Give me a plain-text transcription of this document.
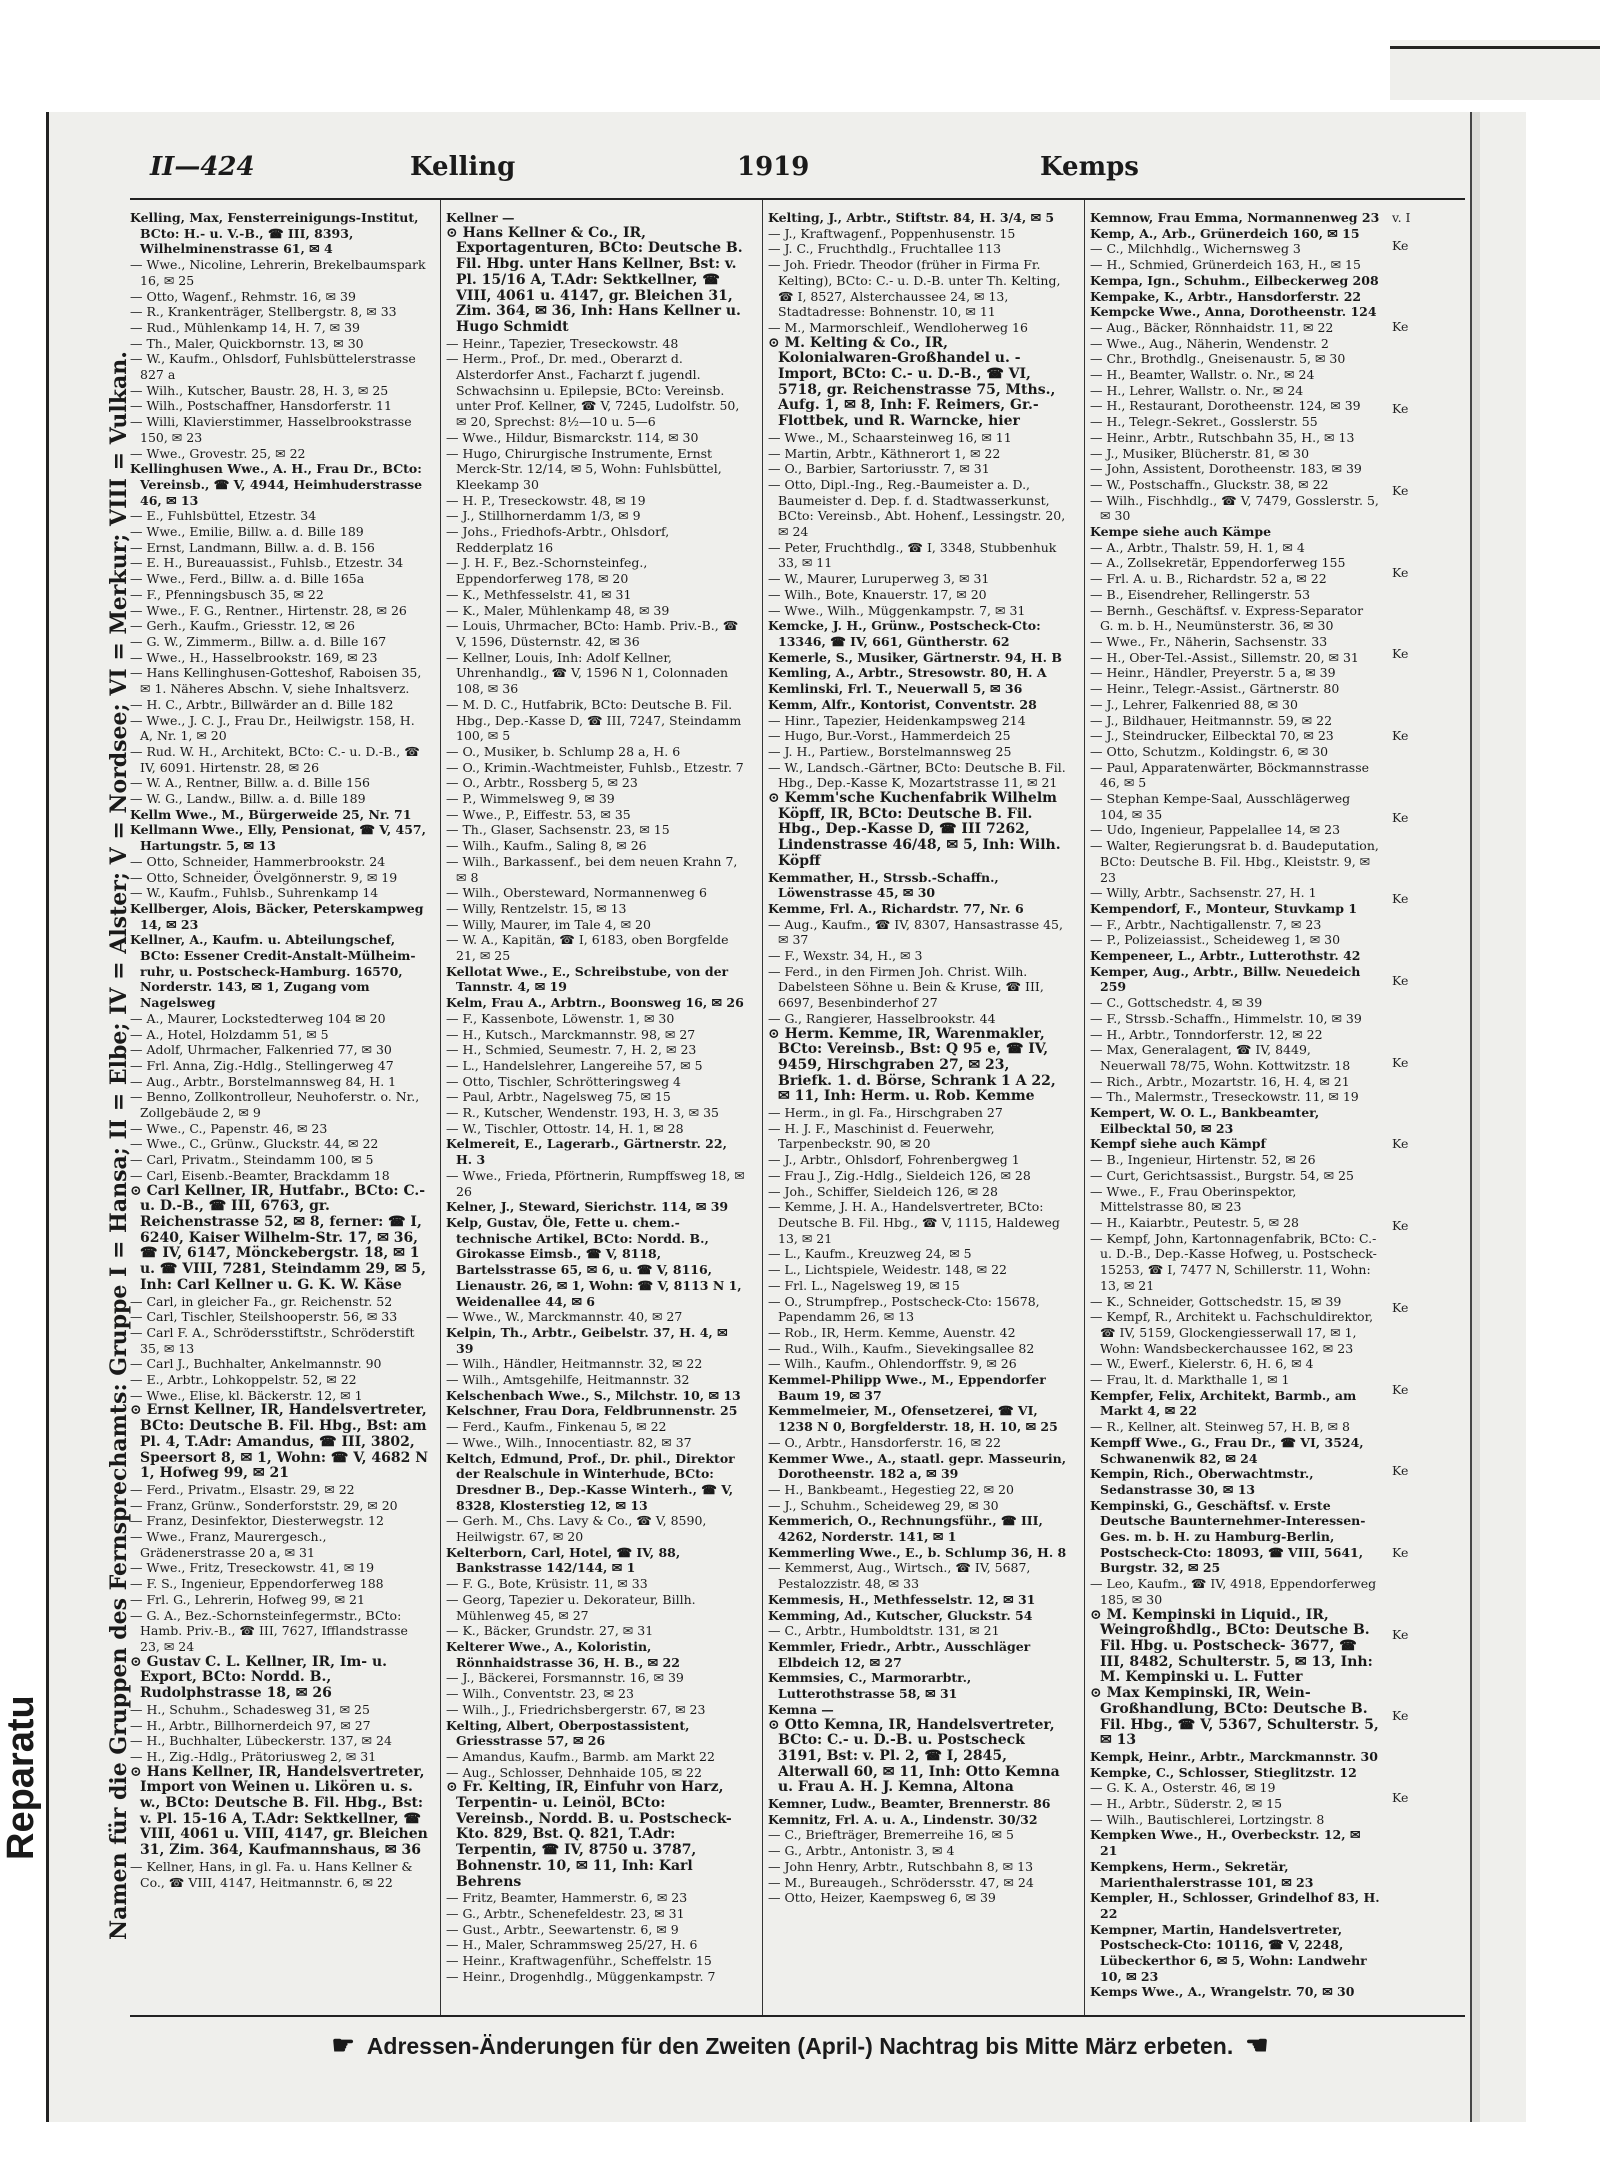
Reparatu	Namen für die Gruppen des Fernsprechamts: Gruppe I = Hansa; II = Elbe; IV = Alster; V = Nordsee; VI = Merkur; VIII = Vulkan.
II—424	Kelling	1919	Kemps

Kelling, Max, Fensterreinigungs-Institut, BCto: H.- u. V.-B., ☎ III, 8393, Wilhelminenstrasse 61, ✉ 4

— Wwe., Nicoline, Lehrerin, Brekelbaumspark 16, ✉ 25

— Otto, Wagenf., Rehmstr. 16, ✉ 39

— R., Krankenträger, Stellbergstr. 8, ✉ 33

— Rud., Mühlenkamp 14, H. 7, ✉ 39

— Th., Maler, Quickbornstr. 13, ✉ 30

— W., Kaufm., Ohlsdorf, Fuhlsbüttelerstrasse 827 a

— Wilh., Kutscher, Baustr. 28, H. 3, ✉ 25

— Wilh., Postschaffner, Hansdorferstr. 11

— Willi, Klavierstimmer, Hasselbrookstrasse 150, ✉ 23

— Wwe., Grovestr. 25, ✉ 22

Kellinghusen Wwe., A. H., Frau Dr., BCto: Vereinsb., ☎ V, 4944, Heimhuderstrasse 46, ✉ 13

— E., Fuhlsbüttel, Etzestr. 34

— Wwe., Emilie, Billw. a. d. Bille 189

— Ernst, Landmann, Billw. a. d. B. 156

— E. H., Bureauassist., Fuhlsb., Etzestr. 34

— Wwe., Ferd., Billw. a. d. Bille 165a

— F., Pfenningsbusch 35, ✉ 22

— Wwe., F. G., Rentner., Hirtenstr. 28, ✉ 26

— Gerh., Kaufm., Griesstr. 12, ✉ 26

— G. W., Zimmerm., Billw. a. d. Bille 167

— Wwe., H., Hasselbrookstr. 169, ✉ 23

— Hans Kellinghusen-Gotteshof, Raboisen 35, ✉ 1. Näheres Abschn. V, siehe Inhaltsverz.

— H. C., Arbtr., Billwärder an d. Bille 182

— Wwe., J. C. J., Frau Dr., Heilwigstr. 158, H. A, Nr. 1, ✉ 20

— Rud. W. H., Architekt, BCto: C.- u. D.-B., ☎ IV, 6091. Hirtenstr. 28, ✉ 26

— W. A., Rentner, Billw. a. d. Bille 156

— W. G., Landw., Billw. a. d. Bille 189

Kellm Wwe., M., Bürgerweide 25, Nr. 71

Kellmann Wwe., Elly, Pensionat, ☎ V, 457, Hartungstr. 5, ✉ 13

— Otto, Schneider, Hammerbrookstr. 24

— Otto, Schneider, Övelgönnerstr. 9, ✉ 19

— W., Kaufm., Fuhlsb., Suhrenkamp 14

Kellberger, Alois, Bäcker, Peterskampweg 14, ✉ 23

Kellner, A., Kaufm. u. Abteilungschef, BCto: Essener Credit-Anstalt-Mülheim-ruhr, u. Postscheck-Hamburg. 16570, Norderstr. 143, ✉ 1, Zugang vom Nagelsweg

— A., Maurer, Lockstedterweg 104 ✉ 20

— A., Hotel, Holzdamm 51, ✉ 5

— Adolf, Uhrmacher, Falkenried 77, ✉ 30

— Frl. Anna, Zig.-Hdlg., Stellingerweg 47

— Aug., Arbtr., Borstelmannsweg 84, H. 1

— Benno, Zollkontrolleur, Neuhoferstr. o. Nr., Zollgebäude 2, ✉ 9

— Wwe., C., Papenstr. 46, ✉ 23

— Wwe., C., Grünw., Gluckstr. 44, ✉ 22

— Carl, Privatm., Steindamm 100, ✉ 5

— Carl, Eisenb.-Beamter, Brackdamm 18

⊙ Carl Kellner, IR, Hutfabr., BCto: C.- u. D.-B., ☎ III, 6763, gr. Reichenstrasse 52, ✉ 8, ferner: ☎ I, 6240, Kaiser Wilhelm-Str. 17, ✉ 36, ☎ IV, 6147, Mönckebergstr. 18, ✉ 1 u. ☎ VIII, 7281, Steindamm 29, ✉ 5, Inh: Carl Kellner u. G. K. W. Käse

— Carl, in gleicher Fa., gr. Reichenstr. 52

— Carl, Tischler, Steilshooperstr. 56, ✉ 33

— Carl F. A., Schrödersstiftstr., Schröderstift 35, ✉ 13

— Carl J., Buchhalter, Ankelmannstr. 90

— E., Arbtr., Lohkoppelstr. 52, ✉ 22

— Wwe., Elise, kl. Bäckerstr. 12, ✉ 1

⊙ Ernst Kellner, IR, Handelsvertreter, BCto: Deutsche B. Fil. Hbg., Bst: am Pl. 4, T.Adr: Amandus, ☎ III, 3802, Speersort 8, ✉ 1, Wohn: ☎ V, 4682 N 1, Hofweg 99, ✉ 21

— Ferd., Privatm., Elsastr. 29, ✉ 22

— Franz, Grünw., Sonderforststr. 29, ✉ 20

— Franz, Desinfektor, Diesterwegstr. 12

— Wwe., Franz, Maurergesch., Grädenerstrasse 20 a, ✉ 31

— Wwe., Fritz, Treseckowstr. 41, ✉ 19

— F. S., Ingenieur, Eppendorferweg 188

— Frl. G., Lehrerin, Hofweg 99, ✉ 21

— G. A., Bez.-Schornsteinfegermstr., BCto: Hamb. Priv.-B., ☎ III, 7627, Ifflandstrasse 23, ✉ 24

⊙ Gustav C. L. Kellner, IR, Im- u. Export, BCto: Nordd. B., Rudolphstrasse 18, ✉ 26

— H., Schuhm., Schadesweg 31, ✉ 25

— H., Arbtr., Billhornerdeich 97, ✉ 27

— H., Buchhalter, Lübeckerstr. 137, ✉ 24

— H., Zig.-Hdlg., Prätoriusweg 2, ✉ 31

⊙ Hans Kellner, IR, Handelsvertreter, Import von Weinen u. Likören u. s. w., BCto: Deutsche B. Fil. Hbg., Bst: v. Pl. 15-16 A, T.Adr: Sektkellner, ☎ VIII, 4061 u. VIII, 4147, gr. Bleichen 31, Zim. 364, Kaufmannshaus, ✉ 36

— Kellner, Hans, in gl. Fa. u. Hans Kellner & Co., ☎ VIII, 4147, Heitmannstr. 6, ✉ 22

Kellner —

⊙ Hans Kellner & Co., IR, Exportagenturen, BCto: Deutsche B. Fil. Hbg. unter Hans Kellner, Bst: v. Pl. 15/16 A, T.Adr: Sektkellner, ☎ VIII, 4061 u. 4147, gr. Bleichen 31, Zim. 364, ✉ 36, Inh: Hans Kellner u. Hugo Schmidt

— Heinr., Tapezier, Treseckowstr. 48

— Herm., Prof., Dr. med., Oberarzt d. Alsterdorfer Anst., Facharzt f. jugendl. Schwachsinn u. Epilepsie, BCto: Vereinsb. unter Prof. Kellner, ☎ V, 7245, Ludolfstr. 50, ✉ 20, Sprechst: 8½—10 u. 5—6

— Wwe., Hildur, Bismarckstr. 114, ✉ 30

— Hugo, Chirurgische Instrumente, Ernst Merck-Str. 12/14, ✉ 5, Wohn: Fuhlsbüttel, Kleekamp 30

— H. P., Treseckowstr. 48, ✉ 19

— J., Stillhornerdamm 1/3, ✉ 9

— Johs., Friedhofs-Arbtr., Ohlsdorf, Redderplatz 16

— J. H. F., Bez.-Schornsteinfeg., Eppendorferweg 178, ✉ 20

— K., Methfesselstr. 41, ✉ 31

— K., Maler, Mühlenkamp 48, ✉ 39

— Louis, Uhrmacher, BCto: Hamb. Priv.-B., ☎ V, 1596, Düsternstr. 42, ✉ 36

— Kellner, Louis, Inh: Adolf Kellner, Uhrenhandlg., ☎ V, 1596 N 1, Colonnaden 108, ✉ 36

— M. D. C., Hutfabrik, BCto: Deutsche B. Fil. Hbg., Dep.-Kasse D, ☎ III, 7247, Steindamm 100, ✉ 5

— O., Musiker, b. Schlump 28 a, H. 6

— O., Krimin.-Wachtmeister, Fuhlsb., Etzestr. 7

— O., Arbtr., Rossberg 5, ✉ 23

— P., Wimmelsweg 9, ✉ 39

— Wwe., P., Eiffestr. 53, ✉ 35

— Th., Glaser, Sachsenstr. 23, ✉ 15

— Wilh., Kaufm., Saling 8, ✉ 26

— Wilh., Barkassenf., bei dem neuen Krahn 7, ✉ 8

— Wilh., Obersteward, Normannenweg 6

— Willy, Rentzelstr. 15, ✉ 13

— Willy, Maurer, im Tale 4, ✉ 20

— W. A., Kapitän, ☎ I, 6183, oben Borgfelde 21, ✉ 25

Kellotat Wwe., E., Schreibstube, von der Tannstr. 4, ✉ 19

Kelm, Frau A., Arbtrn., Boonsweg 16, ✉ 26

— F., Kassenbote, Löwenstr. 1, ✉ 30

— H., Kutsch., Marckmannstr. 98, ✉ 27

— H., Schmied, Seumestr. 7, H. 2, ✉ 23

— L., Handelslehrer, Langereihe 57, ✉ 5

— Otto, Tischler, Schrötteringsweg 4

— Paul, Arbtr., Nagelsweg 75, ✉ 15

— R., Kutscher, Wendenstr. 193, H. 3, ✉ 35

— W., Tischler, Ottostr. 14, H. 1, ✉ 28

Kelmereit, E., Lagerarb., Gärtnerstr. 22, H. 3

— Wwe., Frieda, Pförtnerin, Rumpffsweg 18, ✉ 26

Kelner, J., Steward, Sierichstr. 114, ✉ 39

Kelp, Gustav, Öle, Fette u. chem.-technische Artikel, BCto: Nordd. B., Girokasse Eimsb., ☎ V, 8118, Bartelsstrasse 65, ✉ 6, u. ☎ V, 8116, Lienaustr. 26, ✉ 1, Wohn: ☎ V, 8113 N 1, Weidenallee 44, ✉ 6

— Wwe., W., Marckmannstr. 40, ✉ 27

Kelpin, Th., Arbtr., Geibelstr. 37, H. 4, ✉ 39

— Wilh., Händler, Heitmannstr. 32, ✉ 22

— Wilh., Amtsgehilfe, Heitmannstr. 32

Kelschenbach Wwe., S., Milchstr. 10, ✉ 13

Kelschner, Frau Dora, Feldbrunnenstr. 25

— Ferd., Kaufm., Finkenau 5, ✉ 22

— Wwe., Wilh., Innocentiastr. 82, ✉ 37

Keltch, Edmund, Prof., Dr. phil., Direktor der Realschule in Winterhude, BCto: Dresdner B., Dep.-Kasse Winterh., ☎ V, 8328, Klosterstieg 12, ✉ 13

— Gerh. M., Chs. Lavy & Co., ☎ V, 8590, Heilwigstr. 67, ✉ 20

Kelterborn, Carl, Hotel, ☎ IV, 88, Bankstrasse 142/144, ✉ 1

— F. G., Bote, Krüsistr. 11, ✉ 33

— Georg, Tapezier u. Dekorateur, Billh. Mühlenweg 45, ✉ 27

— K., Bäcker, Grundstr. 27, ✉ 31

Kelterer Wwe., A., Koloristin, Rönnhaidstrasse 36, H. B., ✉ 22

— J., Bäckerei, Forsmannstr. 16, ✉ 39

— Wilh., Conventstr. 23, ✉ 23

— Wilh., J., Friedrichsbergerstr. 67, ✉ 23

Kelting, Albert, Oberpostassistent, Griesstrasse 57, ✉ 26

— Amandus, Kaufm., Barmb. am Markt 22

— Aug., Schlosser, Dehnhaide 105, ✉ 22

⊙ Fr. Kelting, IR, Einfuhr von Harz, Terpentin- u. Leinöl, BCto: Vereinsb., Nordd. B. u. Postscheck-Kto. 829, Bst. Q. 821, T.Adr: Terpentin, ☎ IV, 8750 u. 3787, Bohnenstr. 10, ✉ 11, Inh: Karl Behrens

— Fritz, Beamter, Hammerstr. 6, ✉ 23

— G., Arbtr., Schenefeldestr. 23, ✉ 31

— Gust., Arbtr., Seewartenstr. 6, ✉ 9

— H., Maler, Schrammsweg 25/27, H. 6

— Heinr., Kraftwagenführ., Scheffelstr. 15

— Heinr., Drogenhdlg., Müggenkampstr. 7

Kelting, J., Arbtr., Stiftstr. 84, H. 3/4, ✉ 5

— J., Kraftwagenf., Poppenhusenstr. 15

— J. C., Fruchthdlg., Fruchtallee 113

— Joh. Friedr. Theodor (früher in Firma Fr. Kelting), BCto: C.- u. D.-B. unter Th. Kelting, ☎ I, 8527, Alsterchaussee 24, ✉ 13, Stadtadresse: Bohnenstr. 10, ✉ 11

— M., Marmorschleif., Wendloherweg 16

⊙ M. Kelting & Co., IR, Kolonialwaren-Großhandel u. -Import, BCto: C.- u. D.-B., ☎ VI, 5718, gr. Reichenstrasse 75, Mths., Aufg. 1, ✉ 8, Inh: F. Reimers, Gr.-Flottbek, und R. Warncke, hier

— Wwe., M., Schaarsteinweg 16, ✉ 11

— Martin, Arbtr., Käthnerort 1, ✉ 22

— O., Barbier, Sartoriusstr. 7, ✉ 31

— Otto, Dipl.-Ing., Reg.-Baumeister a. D., Baumeister d. Dep. f. d. Stadtwasserkunst, BCto: Vereinsb., Abt. Hohenf., Lessingstr. 20, ✉ 24

— Peter, Fruchthdlg., ☎ I, 3348, Stubbenhuk 33, ✉ 11

— W., Maurer, Luruperweg 3, ✉ 31

— Wilh., Bote, Knauerstr. 17, ✉ 20

— Wwe., Wilh., Müggenkampstr. 7, ✉ 31

Kemcke, J. H., Grünw., Postscheck-Cto: 13346, ☎ IV, 661, Güntherstr. 62

Kemerle, S., Musiker, Gärtnerstr. 94, H. B

Kemling, A., Arbtr., Stresowstr. 80, H. A

Kemlinski, Frl. T., Neuerwall 5, ✉ 36

Kemm, Alfr., Kontorist, Conventstr. 28

— Hinr., Tapezier, Heidenkampsweg 214

— Hugo, Bur.-Vorst., Hammerdeich 25

— J. H., Partiew., Borstelmannsweg 25

— W., Landsch.-Gärtner, BCto: Deutsche B. Fil. Hbg., Dep.-Kasse K, Mozartstrasse 11, ✉ 21

⊙ Kemm'sche Kuchenfabrik Wilhelm Köpff, IR, BCto: Deutsche B. Fil. Hbg., Dep.-Kasse D, ☎ III 7262, Lindenstrasse 46/48, ✉ 5, Inh: Wilh. Köpff

Kemmather, H., Strssb.-Schaffn., Löwenstrasse 45, ✉ 30

Kemme, Frl. A., Richardstr. 77, Nr. 6

— Aug., Kaufm., ☎ IV, 8307, Hansastrasse 45, ✉ 37

— F., Wexstr. 34, H., ✉ 3

— Ferd., in den Firmen Joh. Christ. Wilh. Dabelsteen Söhne u. Bein & Kruse, ☎ III, 6697, Besenbinderhof 27

— G., Rangierer, Hasselbrookstr. 44

⊙ Herm. Kemme, IR, Warenmakler, BCto: Vereinsb., Bst: Q 95 e, ☎ IV, 9459, Hirschgraben 27, ✉ 23, Briefk. 1. d. Börse, Schrank 1 A 22, ✉ 11, Inh: Herm. u. Rob. Kemme

— Herm., in gl. Fa., Hirschgraben 27

— H. J. F., Maschinist d. Feuerwehr, Tarpenbeckstr. 90, ✉ 20

— J., Arbtr., Ohlsdorf, Fohrenbergweg 1

— Frau J., Zig.-Hdlg., Sieldeich 126, ✉ 28

— Joh., Schiffer, Sieldeich 126, ✉ 28

— Kemme, J. H. A., Handelsvertreter, BCto: Deutsche B. Fil. Hbg., ☎ V, 1115, Haldeweg 13, ✉ 21

— L., Kaufm., Kreuzweg 24, ✉ 5

— L., Lichtspiele, Weidestr. 148, ✉ 22

— Frl. L., Nagelsweg 19, ✉ 15

— O., Strumpfrep., Postscheck-Cto: 15678, Papendamm 26, ✉ 13

— Rob., IR, Herm. Kemme, Auenstr. 42

— Rud., Wilh., Kaufm., Sievekingsallee 82

— Wilh., Kaufm., Ohlendorffstr. 9, ✉ 26

Kemmel-Philipp Wwe., M., Eppendorfer Baum 19, ✉ 37

Kemmelmeier, M., Ofensetzerei, ☎ VI, 1238 N 0, Borgfelderstr. 18, H. 10, ✉ 25

— O., Arbtr., Hansdorferstr. 16, ✉ 22

Kemmer Wwe., A., staatl. gepr. Masseurin, Dorotheenstr. 182 a, ✉ 39

— H., Bankbeamt., Hegestieg 22, ✉ 20

— J., Schuhm., Scheideweg 29, ✉ 30

Kemmerich, O., Rechnungsführ., ☎ III, 4262, Norderstr. 141, ✉ 1

Kemmerling Wwe., E., b. Schlump 36, H. 8

— Kemmerst, Aug., Wirtsch., ☎ IV, 5687, Pestalozzistr. 48, ✉ 33

Kemmesis, H., Methfesselstr. 12, ✉ 31

Kemming, Ad., Kutscher, Gluckstr. 54

— C., Arbtr., Humboldtstr. 131, ✉ 21

Kemmler, Friedr., Arbtr., Ausschläger Elbdeich 12, ✉ 27

Kemmsies, C., Marmorarbtr., Lutterothstrasse 58, ✉ 31

Kemna —

⊙ Otto Kemna, IR, Handelsvertreter, BCto: C.- u. D.-B. u. Postscheck 3191, Bst: v. Pl. 2, ☎ I, 2845, Alterwall 60, ✉ 11, Inh: Otto Kemna u. Frau A. H. J. Kemna, Altona

Kemner, Ludw., Beamter, Brennerstr. 86

Kemnitz, Frl. A. u. A., Lindenstr. 30/32

— C., Briefträger, Bremerreihe 16, ✉ 5

— G., Arbtr., Antonistr. 3, ✉ 4

— John Henry, Arbtr., Rutschbahn 8, ✉ 13

— M., Bureaugeh., Schrödersstr. 47, ✉ 24

— Otto, Heizer, Kaempsweg 6, ✉ 39

Kemnow, Frau Emma, Normannenweg 23

Kemp, A., Arb., Grünerdeich 160, ✉ 15

— C., Milchhdlg., Wichernsweg 3

— H., Schmied, Grünerdeich 163, H., ✉ 15

Kempa, Ign., Schuhm., Eilbeckerweg 208

Kempake, K., Arbtr., Hansdorferstr. 22

Kempcke Wwe., Anna, Dorotheenstr. 124

— Aug., Bäcker, Rönnhaidstr. 11, ✉ 22

— Wwe., Aug., Näherin, Wendenstr. 2

— Chr., Brothdlg., Gneisenaustr. 5, ✉ 30

— H., Beamter, Wallstr. o. Nr., ✉ 24

— H., Lehrer, Wallstr. o. Nr., ✉ 24

— H., Restaurant, Dorotheenstr. 124, ✉ 39

— H., Telegr.-Sekret., Gosslerstr. 55

— Heinr., Arbtr., Rutschbahn 35, H., ✉ 13

— J., Musiker, Blücherstr. 81, ✉ 30

— John, Assistent, Dorotheenstr. 183, ✉ 39

— W., Postschaffn., Gluckstr. 38, ✉ 22

— Wilh., Fischhdlg., ☎ V, 7479, Gosslerstr. 5, ✉ 30

Kempe siehe auch Kämpe

— A., Arbtr., Thalstr. 59, H. 1, ✉ 4

— A., Zollsekretär, Eppendorferweg 155

— Frl. A. u. B., Richardstr. 52 a, ✉ 22

— B., Eisendreher, Rellingerstr. 53

— Bernh., Geschäftsf. v. Express-Separator G. m. b. H., Neumünsterstr. 36, ✉ 30

— Wwe., Fr., Näherin, Sachsenstr. 33

— H., Ober-Tel.-Assist., Sillemstr. 20, ✉ 31

— Heinr., Händler, Preyerstr. 5 a, ✉ 39

— Heinr., Telegr.-Assist., Gärtnerstr. 80

— J., Lehrer, Falkenried 88, ✉ 30

— J., Bildhauer, Heitmannstr. 59, ✉ 22

— J., Steindrucker, Eilbecktal 70, ✉ 23

— Otto, Schutzm., Koldingstr. 6, ✉ 30

— Paul, Apparatenwärter, Böckmannstrasse 46, ✉ 5

— Stephan Kempe-Saal, Ausschlägerweg 104, ✉ 35

— Udo, Ingenieur, Pappelallee 14, ✉ 23

— Walter, Regierungsrat b. d. Baudeputation, BCto: Deutsche B. Fil. Hbg., Kleiststr. 9, ✉ 23

— Willy, Arbtr., Sachsenstr. 27, H. 1

Kempendorf, F., Monteur, Stuvkamp 1

— F., Arbtr., Nachtigallenstr. 7, ✉ 23

— P., Polizeiassist., Scheideweg 1, ✉ 30

Kempeneer, L., Arbtr., Lutterothstr. 42

Kemper, Aug., Arbtr., Billw. Neuedeich 259

— C., Gottschedstr. 4, ✉ 39

— F., Strssb.-Schaffn., Himmelstr. 10, ✉ 39

— H., Arbtr., Tonndorferstr. 12, ✉ 22

— Max, Generalagent, ☎ IV, 8449, Neuerwall 78/75, Wohn. Kottwitzstr. 18

— Rich., Arbtr., Mozartstr. 16, H. 4, ✉ 21

— Th., Malermstr., Treseckowstr. 11, ✉ 19

Kempert, W. O. L., Bankbeamter, Eilbecktal 50, ✉ 23

Kempf siehe auch Kämpf

— B., Ingenieur, Hirtenstr. 52, ✉ 26

— Curt, Gerichtsassist., Burgstr. 54, ✉ 25

— Wwe., F., Frau Oberinspektor, Mittelstrasse 80, ✉ 23

— H., Kaiarbtr., Peutestr. 5, ✉ 28

— Kempf, John, Kartonnagenfabrik, BCto: C.- u. D.-B., Dep.-Kasse Hofweg, u. Postscheck- 15253, ☎ I, 7477 N, Schillerstr. 11, Wohn: 13, ✉ 21

— K., Schneider, Gottschedstr. 15, ✉ 39

— Kempf, R., Architekt u. Fachschuldirektor, ☎ IV, 5159, Glockengiesserwall 17, ✉ 1, Wohn: Wandsbeckerchaussee 162, ✉ 23

— W., Ewerf., Kielerstr. 6, H. 6, ✉ 4

— Frau, lt. d. Markthalle 1, ✉ 1

Kempfer, Felix, Architekt, Barmb., am Markt 4, ✉ 22

— R., Kellner, alt. Steinweg 57, H. B, ✉ 8

Kempff Wwe., G., Frau Dr., ☎ VI, 3524, Schwanenwik 82, ✉ 24

Kempin, Rich., Oberwachtmstr., Sedanstrasse 30, ✉ 13

Kempinski, G., Geschäftsf. v. Erste Deutsche Baunternehmer-Interessen-Ges. m. b. H. zu Hamburg-Berlin, Postscheck-Cto: 18093, ☎ VIII, 5641, Burgstr. 32, ✉ 25

— Leo, Kaufm., ☎ IV, 4918, Eppendorferweg 185, ✉ 30

⊙ M. Kempinski in Liquid., IR, Weingroßhdlg., BCto: Deutsche B. Fil. Hbg. u. Postscheck- 3677, ☎ III, 8482, Schulterstr. 5, ✉ 13, Inh: M. Kempinski u. L. Futter

⊙ Max Kempinski, IR, Wein-Großhandlung, BCto: Deutsche B. Fil. Hbg., ☎ V, 5367, Schulterstr. 5, ✉ 13

Kempk, Heinr., Arbtr., Marckmannstr. 30

Kempke, C., Schlosser, Stieglitzstr. 12

— G. K. A., Osterstr. 46, ✉ 19

— H., Arbtr., Süderstr. 2, ✉ 15

— Wilh., Bautischlerei, Lortzingstr. 8

Kempken Wwe., H., Overbeckstr. 12, ✉ 21

Kempkens, Herm., Sekretär, Marienthalerstrasse 101, ✉ 23

Kempler, H., Schlosser, Grindelhof 83, H. 22

Kempner, Martin, Handelsvertreter, Postscheck-Cto: 10116, ☎ V, 2248, Lübeckerthor 6, ✉ 5, Wohn: Landwehr 10, ✉ 23

Kemps Wwe., A., Wrangelstr. 70, ✉ 30

v. I

Ke

Ke

Ke

Ke

Ke

Ke

Ke

Ke

Ke

Ke

Ke

Ke

Ke

Ke

Ke

Ke

Ke

Ke

Ke

Ke

☛ Adressen-Änderungen für den Zweiten (April-) Nachtrag bis Mitte März erbeten. ☚
